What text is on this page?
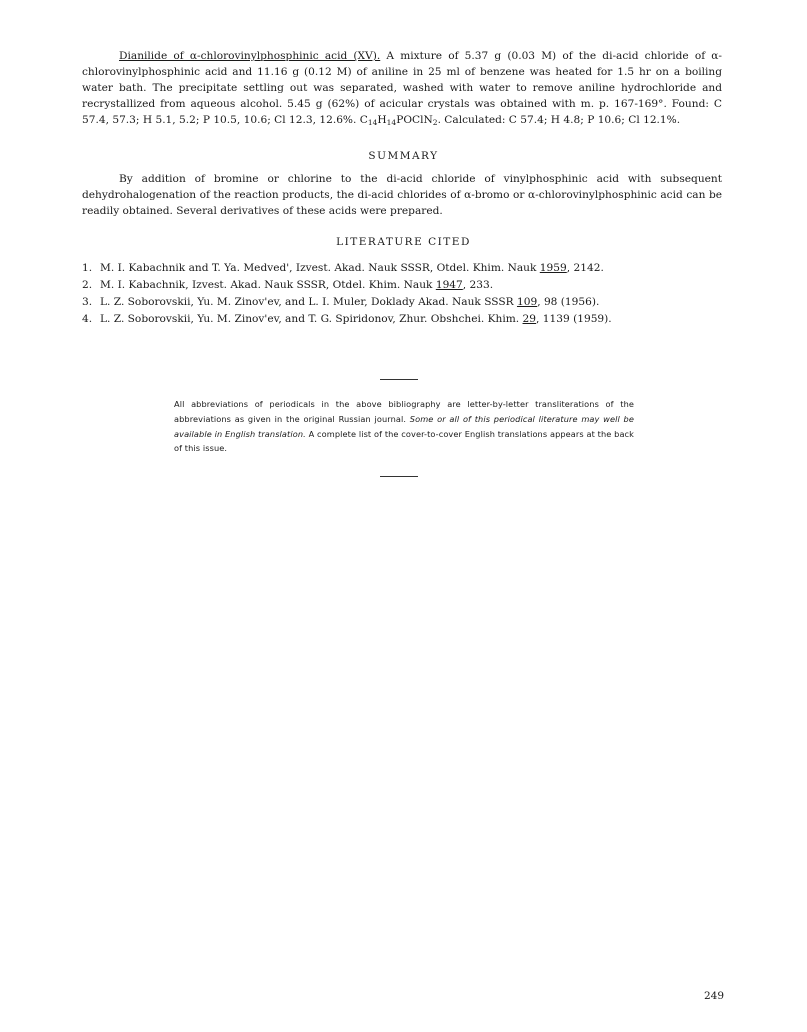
Dianilide of α-chlorovinylphosphinic acid (XV). A mixture of 5.37 g (0.03 M) of the di-acid chloride of α-chlorovinylphosphinic acid and 11.16 g (0.12 M) of aniline in 25 ml of benzene was heated for 1.5 hr on a boiling water bath. The precipitate settling out was separated, washed with water to remove aniline hydrochloride and recrystallized from aqueous alcohol. 5.45 g (62%) of acicular crystals was obtained with m. p. 167-169°. Found: C 57.4, 57.3; H 5.1, 5.2; P 10.5, 10.6; Cl 12.3, 12.6%. $C_{14}H_{14}POClN_2$. Calculated: C 57.4; H 4.8; P 10.6; Cl 12.1%.
SUMMARY
By addition of bromine or chlorine to the di-acid chloride of vinylphosphinic acid with subsequent dehydrohalogenation of the reaction products, the di-acid chlorides of α-bromo or α-chlorovinylphosphinic acid can be readily obtained. Several derivatives of these acids were prepared.
LITERATURE CITED
1. M. I. Kabachnik and T. Ya. Medved', Izvest. Akad. Nauk SSSR, Otdel. Khim. Nauk 1959, 2142.
2. M. I. Kabachnik, Izvest. Akad. Nauk SSSR, Otdel. Khim. Nauk 1947, 233.
3. L. Z. Soborovskii, Yu. M. Zinov'ev, and L. I. Muler, Doklady Akad. Nauk SSSR 109, 98 (1956).
4. L. Z. Soborovskii, Yu. M. Zinov'ev, and T. G. Spiridonov, Zhur. Obshchei. Khim. 29, 1139 (1959).
All abbreviations of periodicals in the above bibliography are letter-by-letter transliterations of the abbreviations as given in the original Russian journal. Some or all of this periodical literature may well be available in English translation. A complete list of the cover-to-cover English translations appears at the back of this issue.
249
